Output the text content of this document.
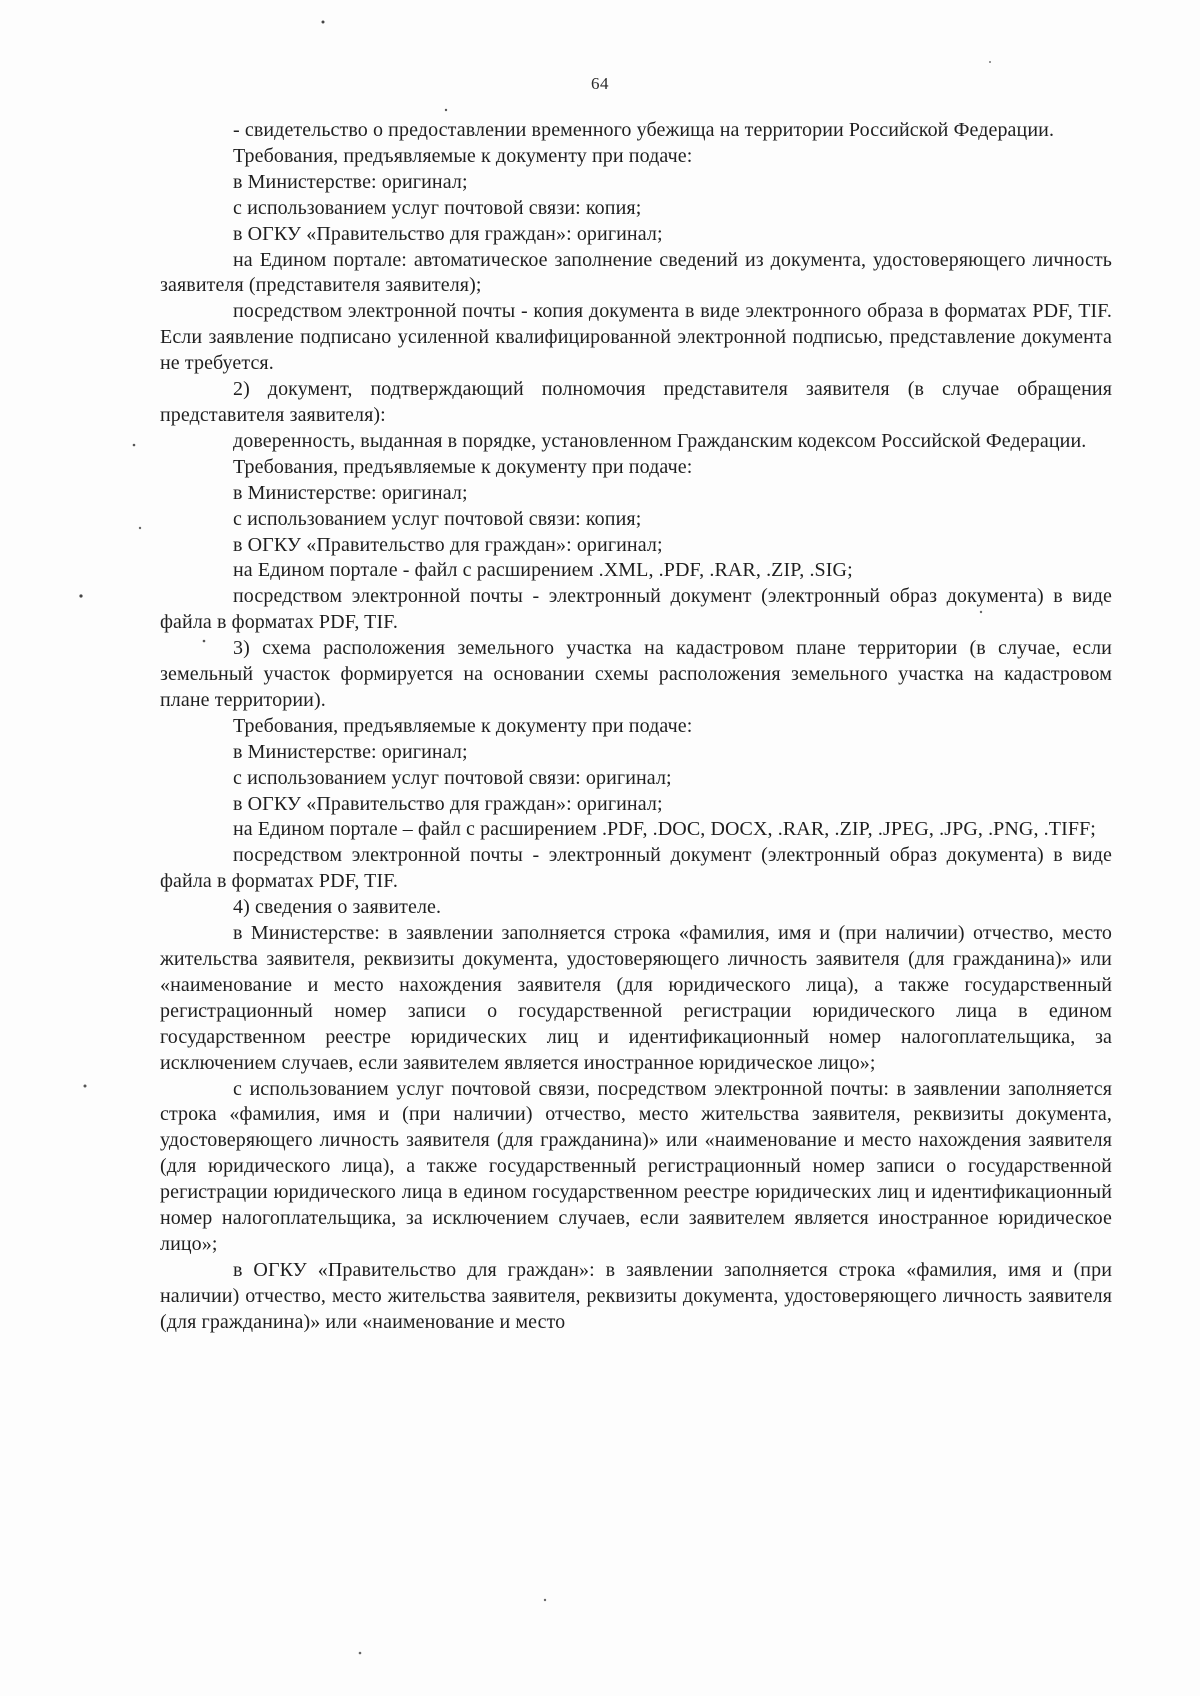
64

- свидетельство о предоставлении временного убежища на территории Российской Федерации.

Требования, предъявляемые к документу при подаче:

в Министерстве: оригинал;

с использованием услуг почтовой связи: копия;

в ОГКУ «Правительство для граждан»: оригинал;

на Едином портале: автоматическое заполнение сведений из документа, удостоверяющего личность заявителя (представителя заявителя);

посредством электронной почты - копия документа в виде электронного образа в форматах PDF, TIF. Если заявление подписано усиленной квалифицированной электронной подписью, представление документа не требуется.

2) документ, подтверждающий полномочия представителя заявителя (в случае обращения представителя заявителя):

доверенность, выданная в порядке, установленном Гражданским кодексом Российской Федерации.

Требования, предъявляемые к документу при подаче:

в Министерстве: оригинал;

с использованием услуг почтовой связи: копия;

в ОГКУ «Правительство для граждан»: оригинал;

на Едином портале - файл с расширением .XML, .PDF, .RAR, .ZIP, .SIG;

посредством электронной почты - электронный документ (электронный образ документа) в виде файла в форматах PDF, TIF.

3) схема расположения земельного участка на кадастровом плане территории (в случае, если земельный участок формируется на основании схемы расположения земельного участка на кадастровом плане территории).

Требования, предъявляемые к документу при подаче:

в Министерстве: оригинал;

с использованием услуг почтовой связи: оригинал;

в ОГКУ «Правительство для граждан»: оригинал;

на Едином портале – файл с расширением .PDF, .DOC, DOCX, .RAR, .ZIP, .JPEG, .JPG, .PNG, .TIFF;

посредством электронной почты - электронный документ (электронный образ документа) в виде файла в форматах PDF, TIF.

4) сведения о заявителе.

в Министерстве: в заявлении заполняется строка «фамилия, имя и (при наличии) отчество, место жительства заявителя, реквизиты документа, удостоверяющего личность заявителя (для гражданина)» или «наименование и место нахождения заявителя (для юридического лица), а также государственный регистрационный номер записи о государственной регистрации юридического лица в едином государственном реестре юридических лиц и идентификационный номер налогоплательщика, за исключением случаев, если заявителем является иностранное юридическое лицо»;

с использованием услуг почтовой связи, посредством электронной почты: в заявлении заполняется строка «фамилия, имя и (при наличии) отчество, место жительства заявителя, реквизиты документа, удостоверяющего личность заявителя (для гражданина)» или «наименование и место нахождения заявителя (для юридического лица), а также государственный регистрационный номер записи о государственной регистрации юридического лица в едином государственном реестре юридических лиц и идентификационный номер налогоплательщика, за исключением случаев, если заявителем является иностранное юридическое лицо»;

в ОГКУ «Правительство для граждан»: в заявлении заполняется строка «фамилия, имя и (при наличии) отчество, место жительства заявителя, реквизиты документа, удостоверяющего личность заявителя (для гражданина)» или «наименование и место
